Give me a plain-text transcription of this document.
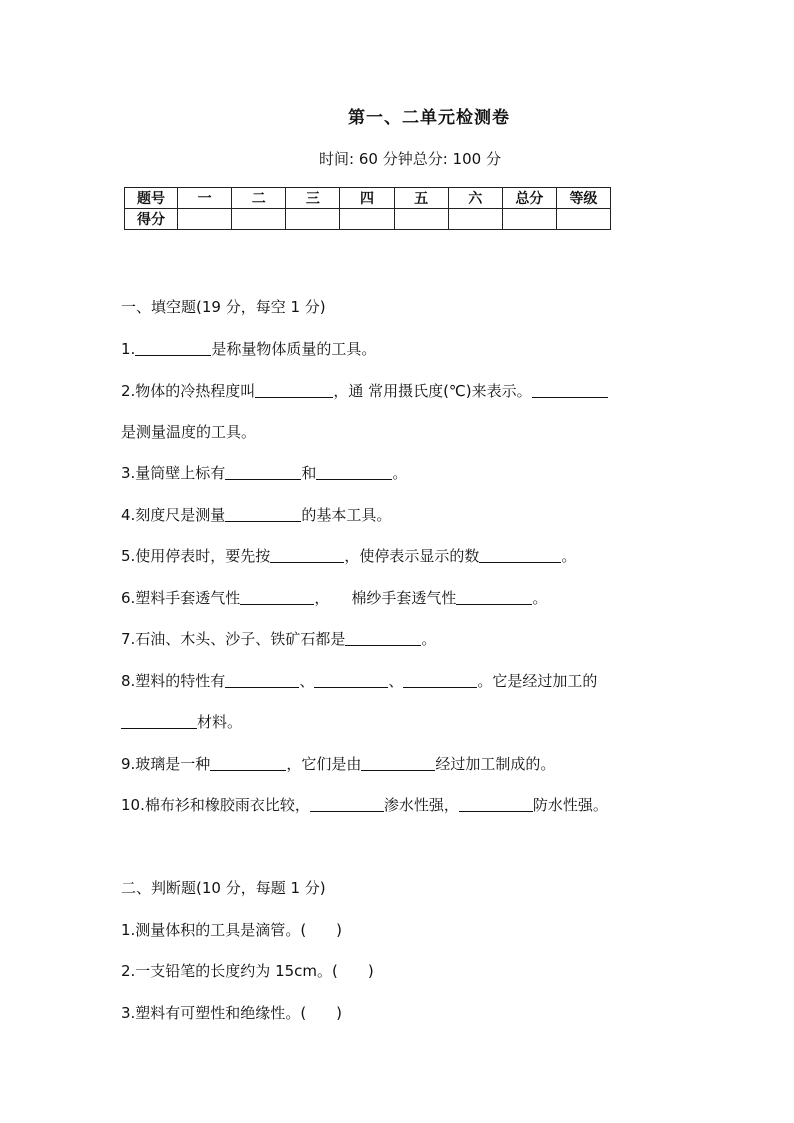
第一、二单元检测卷
时间: 60 分钟总分: 100 分
题号	一	二	三	四	五	六	总分	等级
得分								
一、填空题(19 分，每空 1 分)
1.	是称量物体质量的工具。
2.物体的冷热程度叫	，通 常用摄氏度(℃)来表示。
是测量温度的工具。
3.量筒壁上标有	和	。
4.刻度尺是测量	的基本工具。
5.使用停表时，要先按	，使停表示显示的数	。
6.塑料手套透气性	， 棉纱手套透气性	。
7.石油、木头、沙子、铁矿石都是	。
8.塑料的特性有	、	、	。它是经过加工的
材料。
9.玻璃是一种	，它们是由	经过加工制成的。
10.棉布衫和橡胶雨衣比较，	渗水性强，	防水性强。
二、判断题(10 分，每题 1 分)
1.测量体积的工具是滴管。( )
2.一支铅笔的长度约为 15cm。( )
3.塑料有可塑性和绝缘性。( )
